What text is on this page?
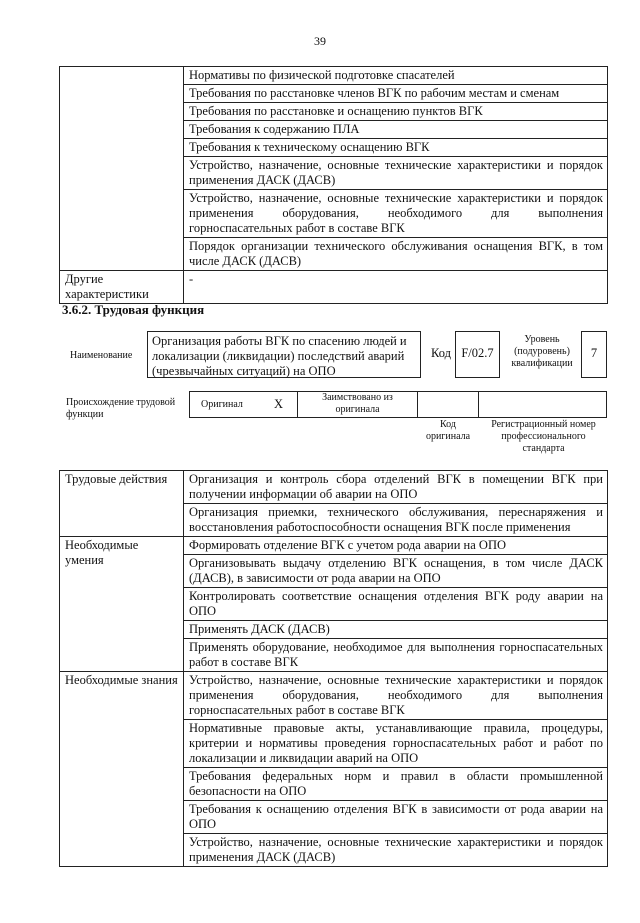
39
	Нормативы по физической подготовке спасателей
	Требования по расстановке членов ВГК по рабочим местам и сменам
	Требования по расстановке и оснащению пунктов ВГК
	Требования к содержанию ПЛА
	Требования к техническому оснащению ВГК
	Устройство, назначение, основные технические характеристики и порядок применения ДАСК (ДАСВ)
	Устройство, назначение, основные технические характеристики и порядок применения оборудования, необходимого для выполнения горноспасательных работ в составе ВГК
	Порядок организации технического обслуживания оснащения ВГК, в том числе ДАСК (ДАСВ)
Другие характеристики	-
3.6.2. Трудовая функция
Наименование
Организация работы ВГК по спасению людей и локализации (ликвидации) последствий аварий (чрезвычайных ситуаций) на ОПО
Код F/02.7
Уровень (подуровень) квалификации
7
Происхождение трудовой функции
Оригинал X	Заимствовано из оригинала
Код оригинала
Регистрационный номер профессионального стандарта
Трудовые действия	Организация и контроль сбора отделений ВГК в помещении ВГК при получении информации об аварии на ОПО
	Организация приемки, технического обслуживания, переснаряжения и восстановления работоспособности оснащения ВГК после применения
Необходимые умения	Формировать отделение ВГК с учетом рода аварии на ОПО
	Организовывать выдачу отделению ВГК оснащения, в том числе ДАСК (ДАСВ), в зависимости от рода аварии на ОПО
	Контролировать соответствие оснащения отделения ВГК роду аварии на ОПО
	Применять ДАСК (ДАСВ)
	Применять оборудование, необходимое для выполнения горноспасательных работ в составе ВГК
Необходимые знания	Устройство, назначение, основные технические характеристики и порядок применения оборудования, необходимого для выполнения горноспасательных работ в составе ВГК
	Нормативные правовые акты, устанавливающие правила, процедуры, критерии и нормативы проведения горноспасательных работ и работ по локализации и ликвидации аварий на ОПО
	Требования федеральных норм и правил в области промышленной безопасности на ОПО
	Требования к оснащению отделения ВГК в зависимости от рода аварии на ОПО
	Устройство, назначение, основные технические характеристики и порядок применения ДАСК (ДАСВ)
